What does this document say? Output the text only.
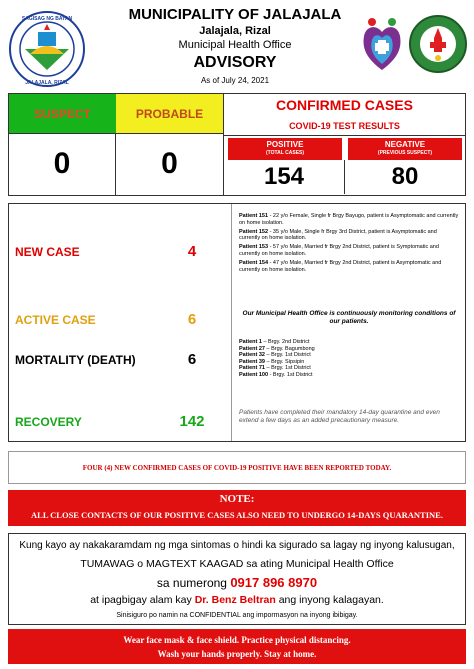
SAGISAG NG BAYAN
JALAJALA, RIZAL
MUNICIPALITY OF JALAJALA
Jalajala, Rizal
Municipal Health Office
ADVISORY
As of July 24, 2021
SUSPECT
0
PROBABLE
0
CONFIRMED CASES
COVID-19 TEST RESULTS
POSITIVE
(TOTAL CASES)
NEGATIVE
(PREVIOUS SUSPECT)
154	80
NEW CASE	4

Patient 151 - 22 y/o Female, Single fr Brgy Bayugo, patient is Asymptomatic and currently on home isolation.

Patient 152 - 35 y/o Male, Single fr Brgy 3rd District, patient is Asymptomatic and currently on home isolation.

Patient 153 - 57 y/o Male, Married fr Brgy 2nd District, patient is Symptomatic and currently on home isolation.

Patient 154 - 47 y/o Male, Married fr Brgy 2nd District, patient is Asymptomatic and currently on home isolation.

ACTIVE CASE	6	Our Municipal Health Office is continuously monitoring conditions of our patients.
MORTALITY (DEATH)	6
Patient 1 – Brgy. 2nd District
Patient 27 – Brgy. Bagumbong
Patient 32 – Brgy. 1st District
Patient 39 – Brgy. Sipsipin
Patient 71 – Brgy. 1st District
Patient 100 - Brgy. 1st District
RECOVERY	142
Patients have completed their mandatory 14-day quarantine and even extend a few days as an added precautionary measure.
FOUR (4) NEW CONFIRMED CASES OF COVID-19 POSITIVE HAVE BEEN REPORTED TODAY.
NOTE:
ALL CLOSE CONTACTS OF OUR POSITIVE CASES ALSO NEED TO UNDERGO 14-DAYS QUARANTINE.
Kung kayo ay nakakaramdam ng mga sintomas o hindi ka sigurado sa lagay ng inyong kalusugan,
TUMAWAG o MAGTEXT KAAGAD sa ating Municipal Health Office
sa numerong 0917 896 8970
at ipagbigay alam kay Dr. Benz Beltran ang inyong kalagayan.
Sinisiguro po namin na CONFIDENTIAL ang impormasyon na inyong ibibigay.
Wear face mask & face shield. Practice physical distancing.
Wash your hands properly. Stay at home.
